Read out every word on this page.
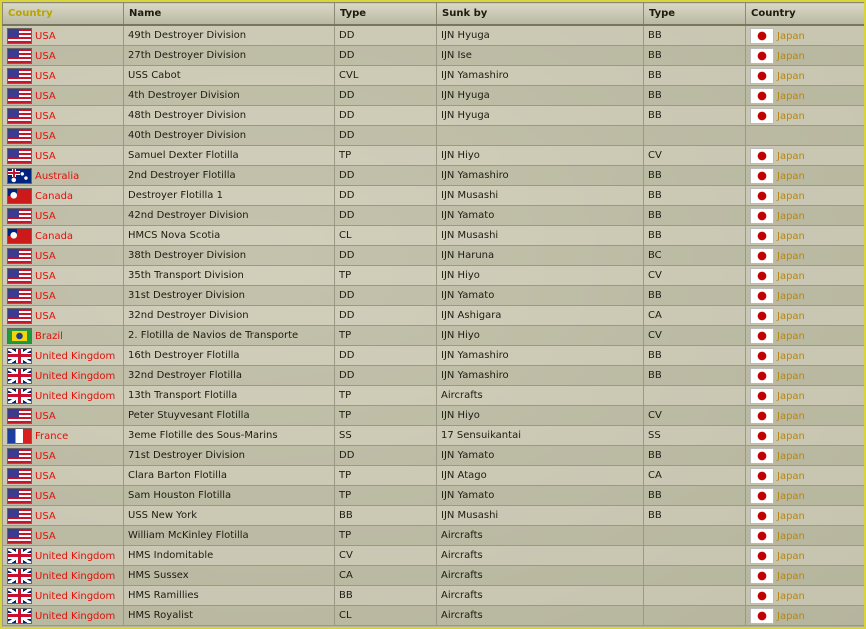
Country	Name	Type	Sunk by	Type	Country
USA	49th Destroyer Division	DD	IJN Hyuga	BB	Japan
USA	27th Destroyer Division	DD	IJN Ise	BB	Japan
USA	USS Cabot	CVL	IJN Yamashiro	BB	Japan
USA	4th Destroyer Division	DD	IJN Hyuga	BB	Japan
USA	48th Destroyer Division	DD	IJN Hyuga	BB	Japan
USA	40th Destroyer Division	DD			
USA	Samuel Dexter Flotilla	TP	IJN Hiyo	CV	Japan
Australia	2nd Destroyer Flotilla	DD	IJN Yamashiro	BB	Japan
Canada	Destroyer Flotilla 1	DD	IJN Musashi	BB	Japan
USA	42nd Destroyer Division	DD	IJN Yamato	BB	Japan
Canada	HMCS Nova Scotia	CL	IJN Musashi	BB	Japan
USA	38th Destroyer Division	DD	IJN Haruna	BC	Japan
USA	35th Transport Division	TP	IJN Hiyo	CV	Japan
USA	31st Destroyer Division	DD	IJN Yamato	BB	Japan
USA	32nd Destroyer Division	DD	IJN Ashigara	CA	Japan
Brazil	2. Flotilla de Navios de Transporte	TP	IJN Hiyo	CV	Japan
United Kingdom	16th Destroyer Flotilla	DD	IJN Yamashiro	BB	Japan
United Kingdom	32nd Destroyer Flotilla	DD	IJN Yamashiro	BB	Japan
United Kingdom	13th Transport Flotilla	TP	Aircrafts		Japan
USA	Peter Stuyvesant Flotilla	TP	IJN Hiyo	CV	Japan
France	3eme Flotille des Sous-Marins	SS	17 Sensuikantai	SS	Japan
USA	71st Destroyer Division	DD	IJN Yamato	BB	Japan
USA	Clara Barton Flotilla	TP	IJN Atago	CA	Japan
USA	Sam Houston Flotilla	TP	IJN Yamato	BB	Japan
USA	USS New York	BB	IJN Musashi	BB	Japan
USA	William McKinley Flotilla	TP	Aircrafts		Japan
United Kingdom	HMS Indomitable	CV	Aircrafts		Japan
United Kingdom	HMS Sussex	CA	Aircrafts		Japan
United Kingdom	HMS Ramillies	BB	Aircrafts		Japan
United Kingdom	HMS Royalist	CL	Aircrafts		Japan
